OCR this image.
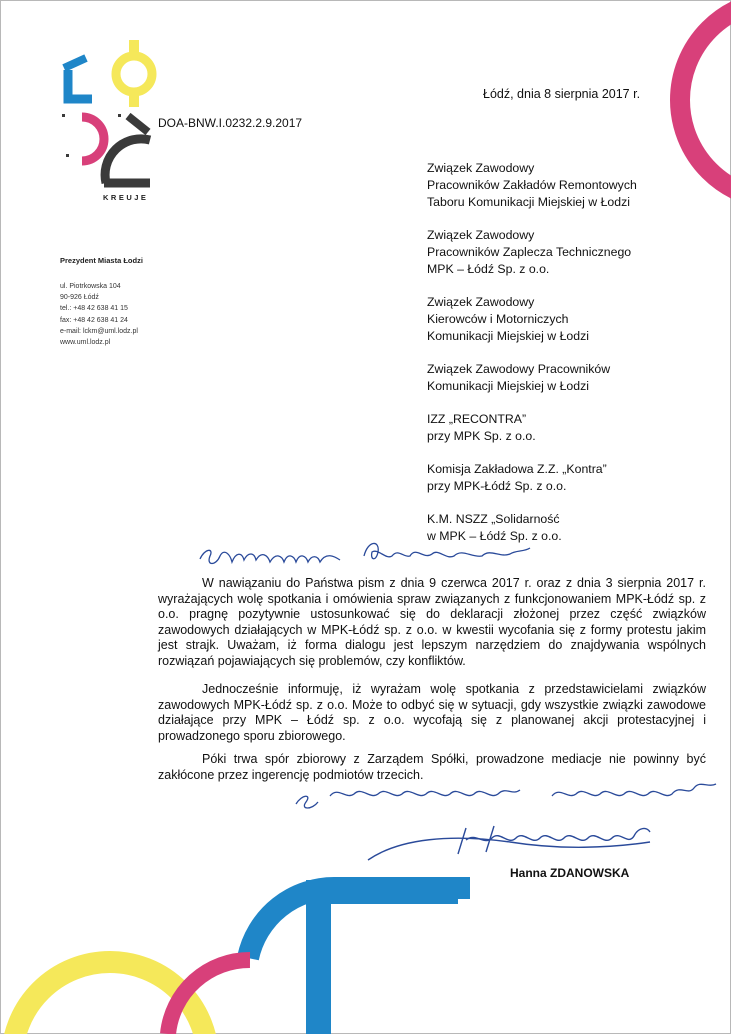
KREUJE
DOA-BNW.I.0232.2.9.2017
Łódź, dnia 8 sierpnia 2017 r.
Prezydent Miasta Łodzi
ul. Piotrkowska 104
90-926 Łódź
tel.: +48 42 638 41 15
fax: +48 42 638 41 24
e-mail: lckm@uml.lodz.pl
www.uml.lodz.pl
Związek Zawodowy
Pracowników Zakładów Remontowych
Taboru Komunikacji Miejskiej w Łodzi
Związek Zawodowy
Pracowników Zaplecza Technicznego
MPK – Łódź Sp. z o.o.
Związek Zawodowy
Kierowców i Motorniczych
Komunikacji Miejskiej w Łodzi
Związek Zawodowy Pracowników
Komunikacji Miejskiej w Łodzi
IZZ „RECONTRA”
przy MPK Sp. z o.o.
Komisja Zakładowa Z.Z. „Kontra”
przy MPK-Łódź Sp. z o.o.
K.M. NSZZ „Solidarność
w MPK – Łódź Sp. z o.o.
W nawiązaniu do Państwa pism z dnia 9 czerwca 2017 r. oraz z dnia 3 sierpnia 2017 r. wyrażających wolę spotkania i omówienia spraw związanych z funkcjonowaniem MPK-Łódź sp. z o.o. pragnę pozytywnie ustosunkować się do deklaracji złożonej przez część związków zawodowych działających w MPK-Łódź sp. z o.o. w kwestii wycofania się z formy protestu jakim jest strajk. Uważam, iż forma dialogu jest lepszym narzędziem do znajdywania wspólnych rozwiązań pojawiających się problemów, czy konfliktów.
Jednocześnie informuję, iż wyrażam wolę spotkania z przedstawicielami związków zawodowych MPK-Łódź sp. z o.o. Może to odbyć się w sytuacji, gdy wszystkie związki zawodowe działające przy MPK – Łódź sp. z o.o. wycofają się z planowanej akcji protestacyjnej i prowadzonego sporu zbiorowego.
Póki trwa spór zbiorowy z Zarządem Spółki, prowadzone mediacje nie powinny być zakłócone przez ingerencję podmiotów trzecich.
Hanna ZDANOWSKA
